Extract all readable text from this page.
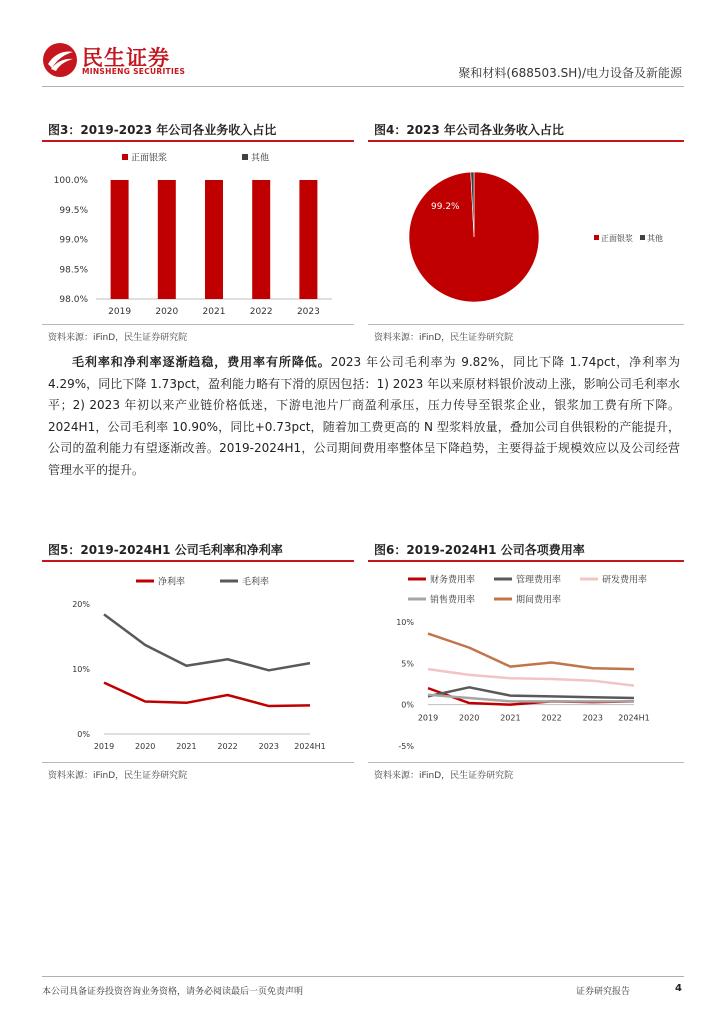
民生证券
MINSHENG SECURITIES	聚和材料(688503.SH)/电力设备及新能源
图3：2019-2023 年公司各业务收入占比
正面银浆	其他
98.0%
98.5%
99.0%
99.5%
100.0%
2019	2020	2021	2022	2023
资料来源：iFinD，民生证券研究院
图4：2023 年公司各业务收入占比
99.2%
正面银浆 其他
资料来源：iFinD，民生证券研究院

毛利率和净利率逐渐趋稳，费用率有所降低。2023 年公司毛利率为 9.82%，同比下降 1.74pct，净利率为 4.29%，同比下降 1.73pct，盈利能力略有下滑的原因包括：1) 2023 年以来原材料银价波动上涨，影响公司毛利率水平；2) 2023 年初以来产业链价格低迷，下游电池片厂商盈利承压，压力传导至银浆企业，银浆加工费有所下降。2024H1，公司毛利率 10.90%，同比+0.73pct，随着加工费更高的 N 型浆料放量，叠加公司自供银粉的产能提升，公司的盈利能力有望逐渐改善。2019-2024H1，公司期间费用率整体呈下降趋势，主要得益于规模效应以及公司经营管理水平的提升。

图5：2019-2024H1 公司毛利率和净利率
净利率	毛利率
0%
10%
20%
2019	2020	2021	2022	2023 2024H1
资料来源：iFinD，民生证券研究院
图6：2019-2024H1 公司各项费用率
财务费用率	管理费用率	研发费用率
销售费用率	期间费用率
-5%
0%
5%
10%
2019	2020	2021	2022	2023 2024H1
资料来源：iFinD，民生证券研究院
本公司具备证券投资咨询业务资格，请务必阅读最后一页免责声明	证券研究报告	4
